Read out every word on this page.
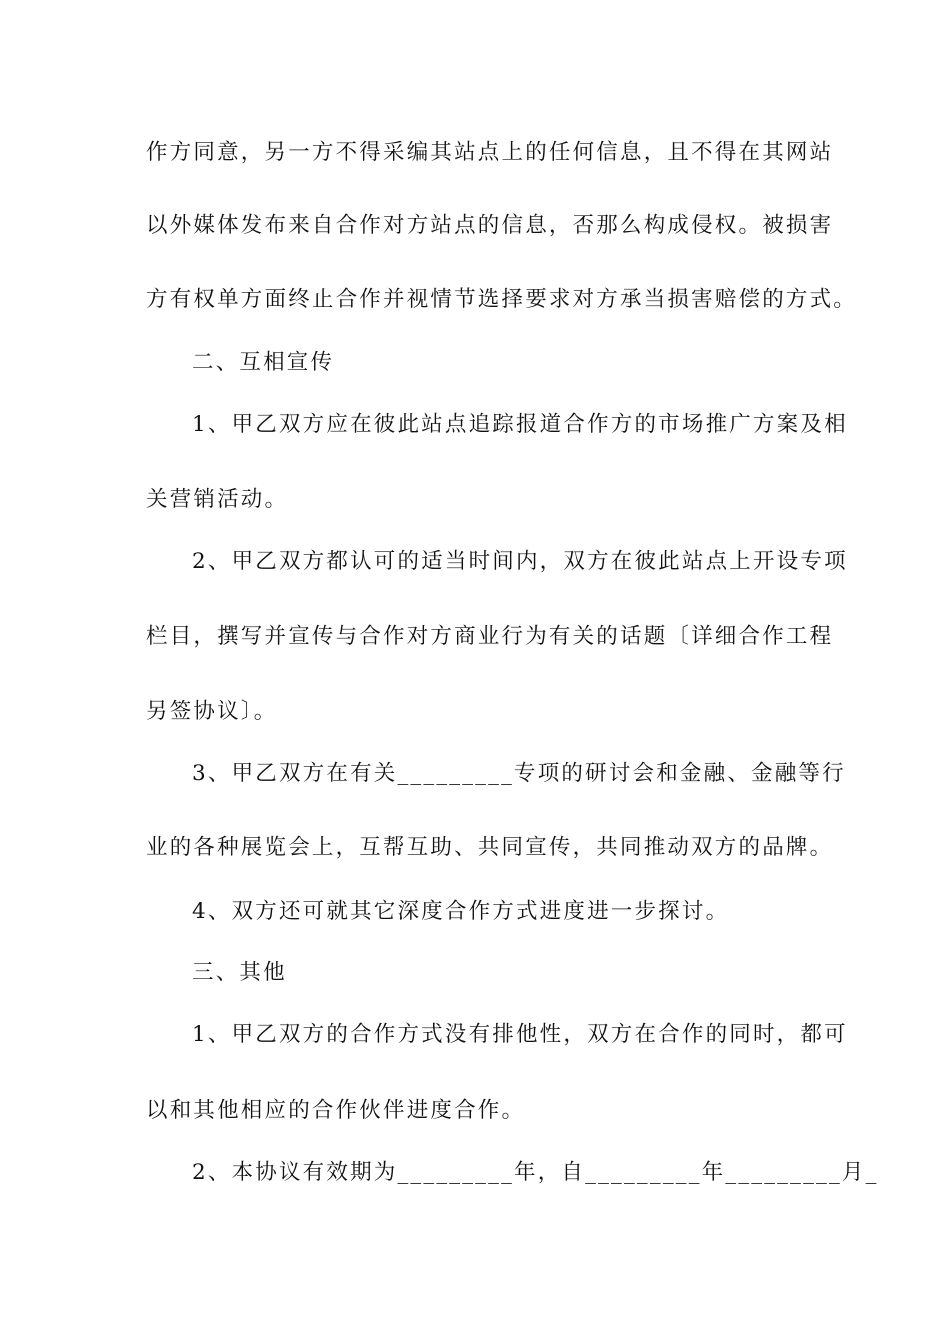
作方同意，另一方不得采编其站点上的任何信息，且不得在其网站
以外媒体发布来自合作对方站点的信息，否那么构成侵权。被损害
方有权单方面终止合作并视情节选择要求对方承当损害赔偿的方式。
二、互相宣传
1、甲乙双方应在彼此站点追踪报道合作方的市场推广方案及相
关营销活动。
2、甲乙双方都认可的适当时间内，双方在彼此站点上开设专项
栏目，撰写并宣传与合作对方商业行为有关的话题〔详细合作工程
另签协议〕。
3、甲乙双方在有关_________专项的研讨会和金融、金融等行
业的各种展览会上，互帮互助、共同宣传，共同推动双方的品牌。
4、双方还可就其它深度合作方式进度进一步探讨。
三、其他
1、甲乙双方的合作方式没有排他性，双方在合作的同时，都可
以和其他相应的合作伙伴进度合作。
2、本协议有效期为_________年，自_________年_________月_
